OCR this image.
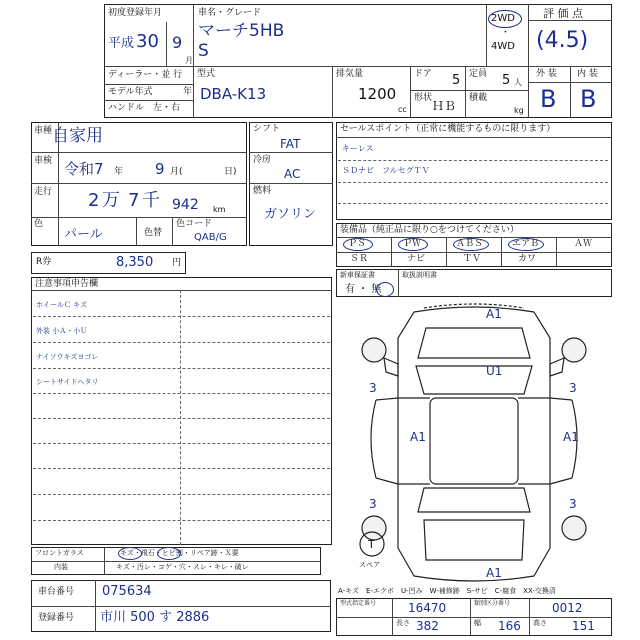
初度登録年月
平成 30 9
月
車名・グレード
マーチ5HB
S
2WD
・
4WD
評 価 点
(4.5)
ディーラー・並 行
モデル年式	年
ハンドル　左・右
型式
DBA-K13
排気量
1200
cc
ドア 5 定員 5 人
形状
ＨＢ
積載
kg
外 装 内 装
B B
車種 自家用
車検 令和7 年 9 月(	日)
走行 2 万 7 千 942 km
色
パール	色替
色コード
QAB/G
シフト
FAT
冷房
AC
燃料
ガソリン
R券	8,350 円
セールスポイント（正常に機能するものに限ります）
キーレス
ＳＤナビ　フルセグＴＶ
装備品（純正品に限り○をつけてください）
ＰＳ	ＰＷ	ＡＢＳ	エアＢ	ＡＷ
ＳＲ	ナビ	ＴＶ	カワ
新車保証書
有 ・ 無
取扱説明書
注意事項申告欄
ホイールＣ キズ
外装 小Ａ・小Ｕ
ナイソウキズヨゴレ
シートサイドヘタリ
フロントガラス	キズ・飛石・ヒビ割・リペア跡・Ｘ要
内装	キズ・汚レ・コゲ・穴・スレ・キレ・破レ
車台番号 075634
登録番号 市川 500 す 2886
A1
U1
3	3
A1	A1
3	3
A1
T
スペア
A-キズ　E-エクボ　U-凹み　W-補修跡　S-サビ　C-腐食　XX-交換済
型式指定番号	16470	類別区分番号	0012
長さ 382	幅 166 高さ 151
